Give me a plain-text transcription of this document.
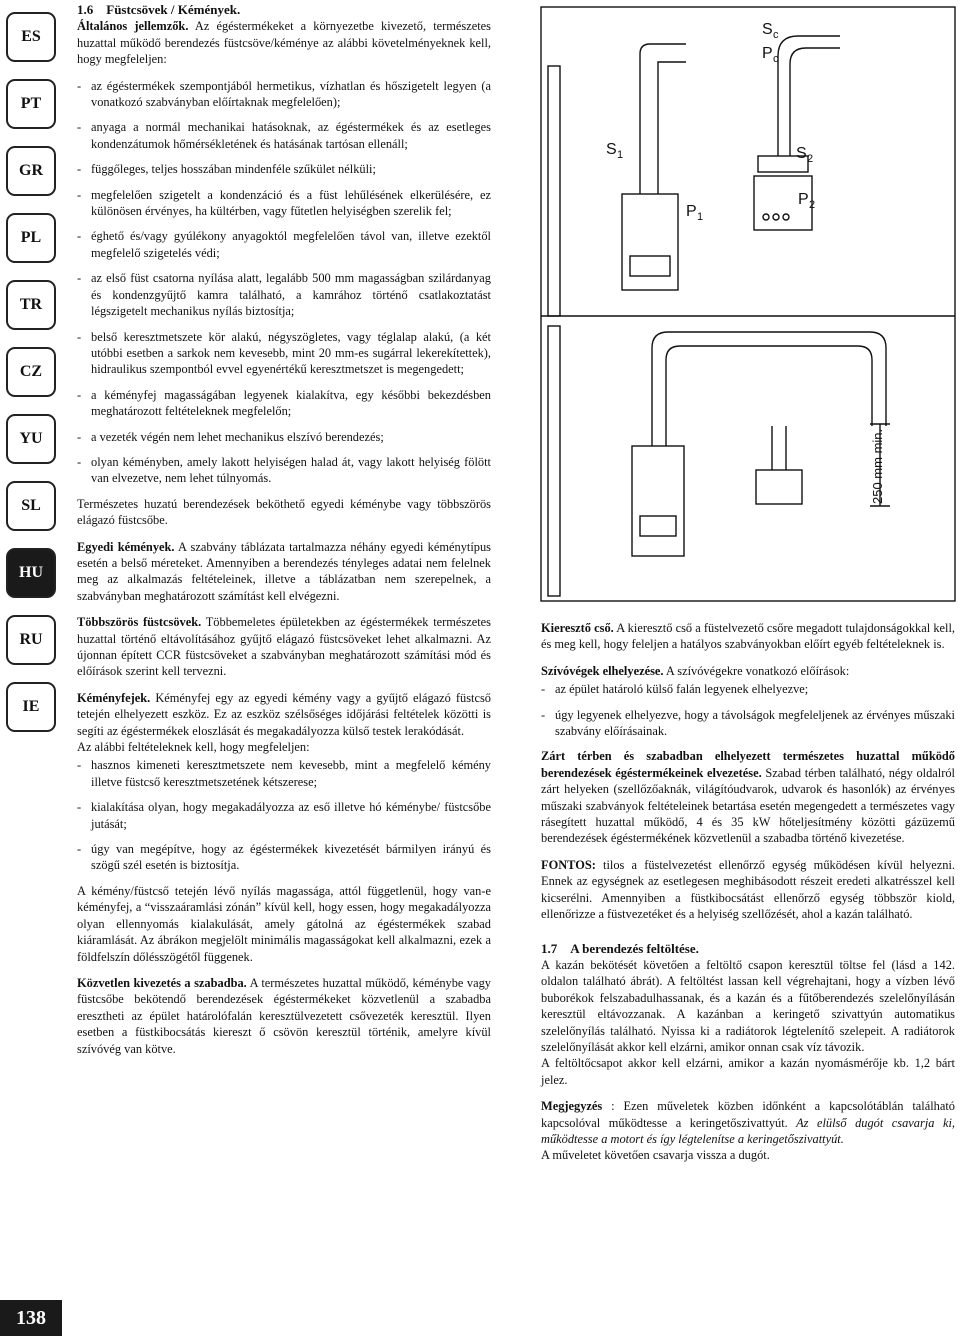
ES
PT
GR
PL
TR
CZ
YU
SL
HU
RU
IE
138
1.6 Füstcsövek / Kémények.

Általános jellemzők. Az égéstermékeket a környezetbe kivezető, természetes huzattal működő berendezés füstcsöve/kéménye az alábbi követelményeknek kell, hogy megfeleljen:

- az égéstermékek szempontjából hermetikus, vízhatlan és hőszigetelt legyen (a vonatkozó szabványban előírtaknak megfelelően);
- anyaga a normál mechanikai hatásoknak, az égéstermékek és az esetleges kondenzátumok hőmérsékletének és hatásának tartósan ellenáll;
- függőleges, teljes hosszában mindenféle szűkület nélküli;
- megfelelően szigetelt a kondenzáció és a füst lehűlésének elkerülésére, ez különösen érvényes, ha kültérben, vagy fűtetlen helyiségben szerelik fel;
- éghető és/vagy gyúlékony anyagoktól megfelelően távol van, illetve ezektől megfelelő szigetelés védi;
- az első füst csatorna nyílása alatt, legalább 500 mm magasságban szilárdanyag és kondenzgyűjtő kamra található, a kamrához történő csatlakoztatást légszigetelt mechanikus nyílás biztosítja;
- belső keresztmetszete kör alakú, négyszögletes, vagy téglalap alakú, (a két utóbbi esetben a sarkok nem kevesebb, mint 20 mm-es sugárral lekerekítettek), hidraulikus szempontból evvel egyenértékű keresztmetszet is megengedett;
- a kéményfej magasságában legyenek kialakítva, egy későbbi bekezdésben meghatározott feltételeknek megfelelőn;
- a vezeték végén nem lehet mechanikus elszívó berendezés;
- olyan kéményben, amely lakott helyiségen halad át, vagy lakott helyiség fölött van elvezetve, nem lehet túlnyomás.

Természetes huzatú berendezések beköthető egyedi kéménybe vagy többszörös elágazó füstcsőbe.

Egyedi kémények. A szabvány táblázata tartalmazza néhány egyedi kéménytípus esetén a belső méreteket. Amennyiben a berendezés tényleges adatai nem felelnek meg az alkalmazás feltételeinek, illetve a táblázatban nem szerepelnek, a szabványban meghatározott számítást kell elvégezni.

Többszörös füstcsövek. Többemeletes épületekben az égéstermékek természetes huzattal történő eltávolításához gyűjtő elágazó füstcsöveket lehet alkalmazni. Az újonnan épített CCR füstcsöveket a szabványban meghatározott számítási mód és előírások szerint kell tervezni.

Kéményfejek. Kéményfej egy az egyedi kémény vagy a gyűjtő elágazó füstcső tetején elhelyezett eszköz. Ez az eszköz szélsőséges időjárási feltételek közötti is segíti az égéstermékek eloszlását és megakadályozza külső testek lerakódását.

Az alábbi feltételeknek kell, hogy megfeleljen:

- hasznos kimeneti keresztmetszete nem kevesebb, mint a megfelelő kémény illetve füstcső keresztmetszetének kétszerese;
- kialakítása olyan, hogy megakadályozza az eső illetve hó kéménybe/ füstcsőbe jutását;
- úgy van megépítve, hogy az égéstermékek kivezetését bármilyen irányú és szögű szél esetén is biztosítja.

A kémény/füstcső tetején lévő nyílás magassága, attól függetlenül, hogy van-e kéményfej, a “visszaáramlási zónán” kívül kell, hogy essen, hogy megakadályozza olyan ellennyomás kialakulását, amely gátolná az égéstermékek szabad kiáramlását. Az ábrákon megjelölt minimális magasságokat kell alkalmazni, ezek a földfelszín dőlésszögétől függenek.

Közvetlen kivezetés a szabadba. A természetes huzattal működő, kéménybe vagy füstcsőbe bekötendő berendezések égéstermékeket közvetlenül a szabadba eresztheti az épület határolófalán keresztülvezetett csővezeték keresztül. Ilyen esetben a füstkibocsátás kiereszt ő csövön keresztül történik, amelyre kívül szívóvég van kötve.

S c
P c
S 1	S 2
P 1
P 2
250 mm min.

Kieresztő cső. A kieresztő cső a füstelvezető csőre megadott tulajdonságokkal kell, és meg kell, hogy feleljen a hatályos szabványokban előírt egyéb feltételeknek is.

Szívóvégek elhelyezése. A szívóvégekre vonatkozó előírások:

- az épület határoló külső falán legyenek elhelyezve;
- úgy legyenek elhelyezve, hogy a távolságok megfeleljenek az érvényes műszaki szabvány előírásainak.

Zárt térben és szabadban elhelyezett természetes huzattal működő berendezések égéstermékeinek elvezetése. Szabad térben található, négy oldalról zárt helyeken (szellőzőaknák, világítóudvarok, udvarok és hasonlók) az érvényes műszaki szabványok feltételeinek betartása esetén megengedett a természetes vagy rásegített huzattal működő, 4 és 35 kW hőteljesítmény közötti gázüzemű berendezések égéstermékének közvetlenül a szabadba történő kivezetése.

FONTOS: tilos a füstelvezetést ellenőrző egység működésen kívül helyezni. Ennek az egységnek az esetlegesen meghibásodott részeit eredeti alkatrésszel kell kicserélni. Amennyiben a füstkibocsátást ellenőrző egység többször kiold, ellenőrizze a füstvezetéket és a helyiség szellőzését, ahol a kazán található.

1.7 A berendezés feltöltése.

A kazán bekötését követően a feltöltő csapon keresztül töltse fel (lásd a 142. oldalon található ábrát). A feltöltést lassan kell végrehajtani, hogy a vízben lévő buborékok felszabadulhassanak, és a kazán és a fűtőberendezés szelelőnyílásán keresztül eltávozzanak. A kazánban a keringető szivattyún automatikus szelelőnyílás található. Nyissa ki a radiátorok légtelenítő szelepeit. A radiátorok szelelőnyílását akkor kell elzárni, amikor onnan csak víz távozik.

A feltöltőcsapot akkor kell elzárni, amikor a kazán nyomásmérője kb. 1,2 bárt jelez.

Megjegyzés : Ezen műveletek közben időnként a kapcsolótáblán található kapcsolóval működtesse a keringetőszivattyút. Az elülső dugót csavarja ki, működtesse a motort és így légtelenítse a keringetőszivattyút.

A műveletet követően csavarja vissza a dugót.
